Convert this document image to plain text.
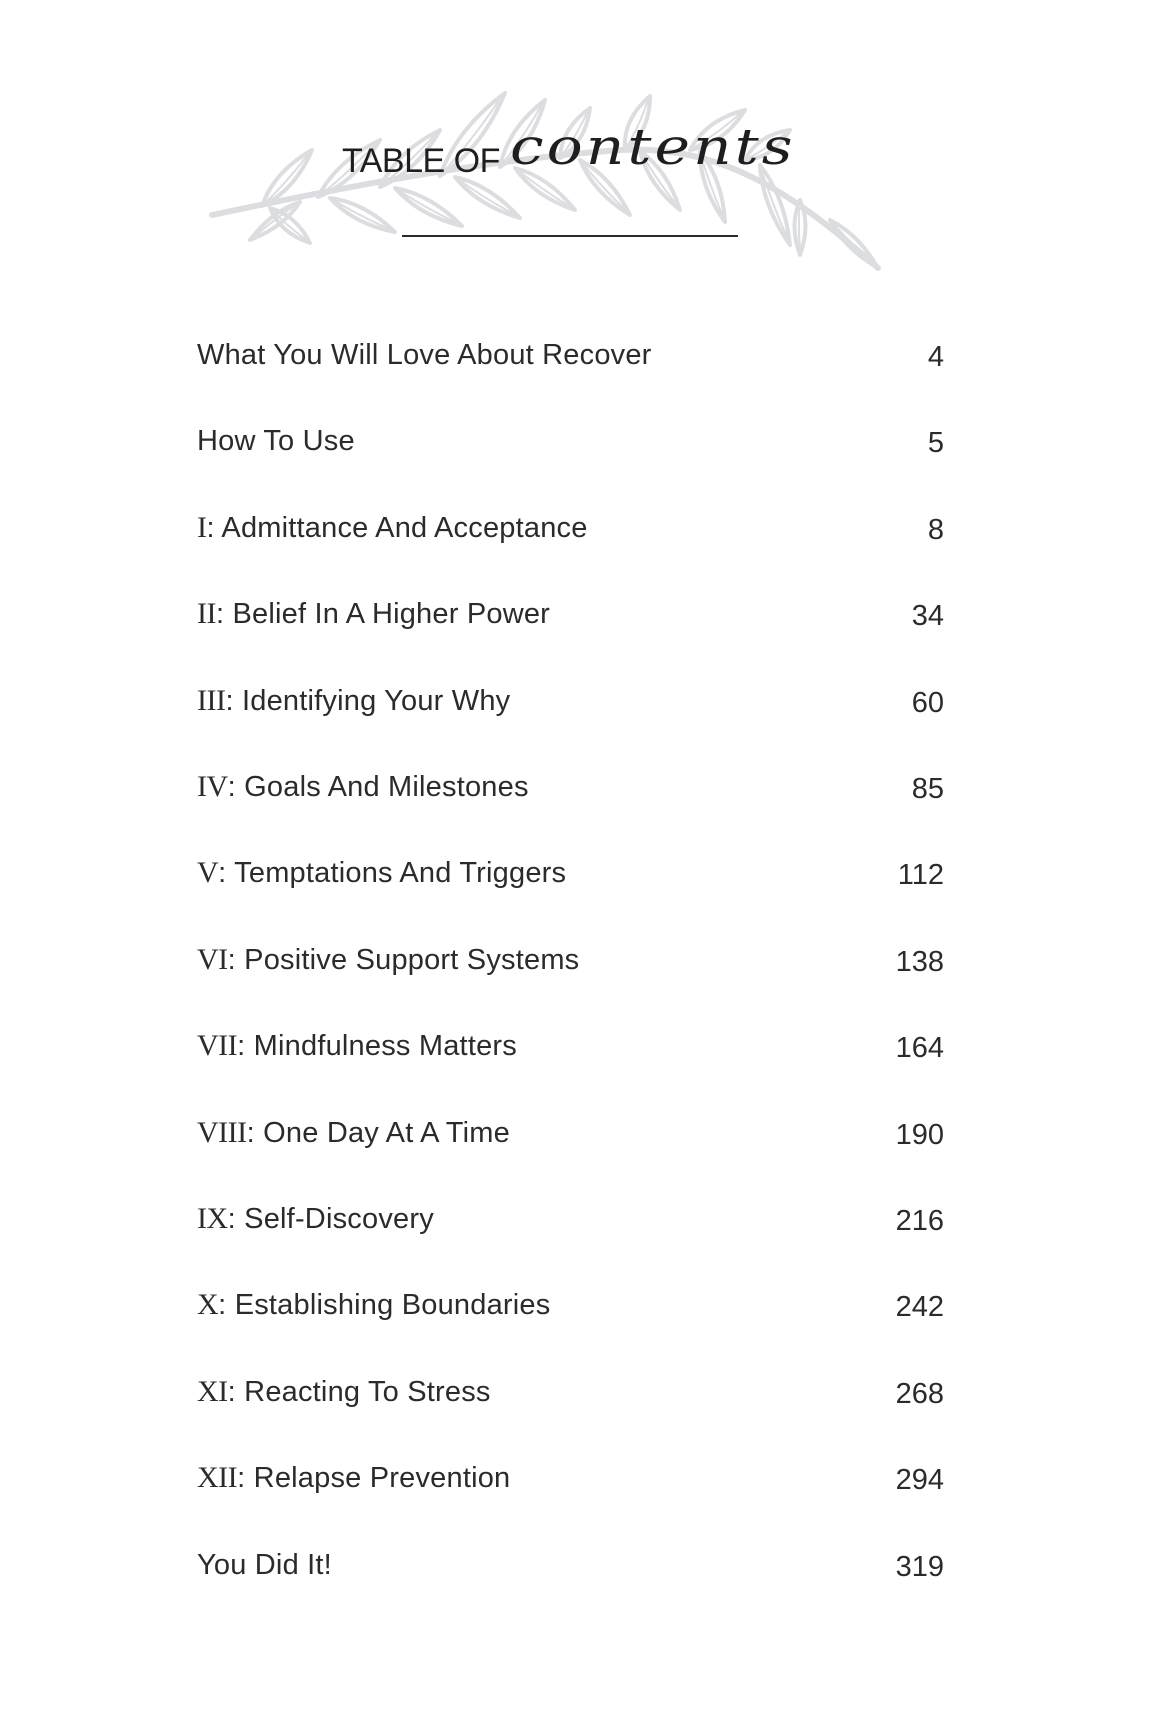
TABLE OF contents
What You Will Love About Recover	4
How To Use	5
I: Admittance And Acceptance	8
II: Belief In A Higher Power	34
III: Identifying Your Why	60
IV: Goals And Milestones	85
V: Temptations And Triggers	112
VI: Positive Support Systems	138
VII: Mindfulness Matters	164
VIII: One Day At A Time	190
IX: Self-Discovery	216
X: Establishing Boundaries	242
XI: Reacting To Stress	268
XII: Relapse Prevention	294
You Did It!	319
